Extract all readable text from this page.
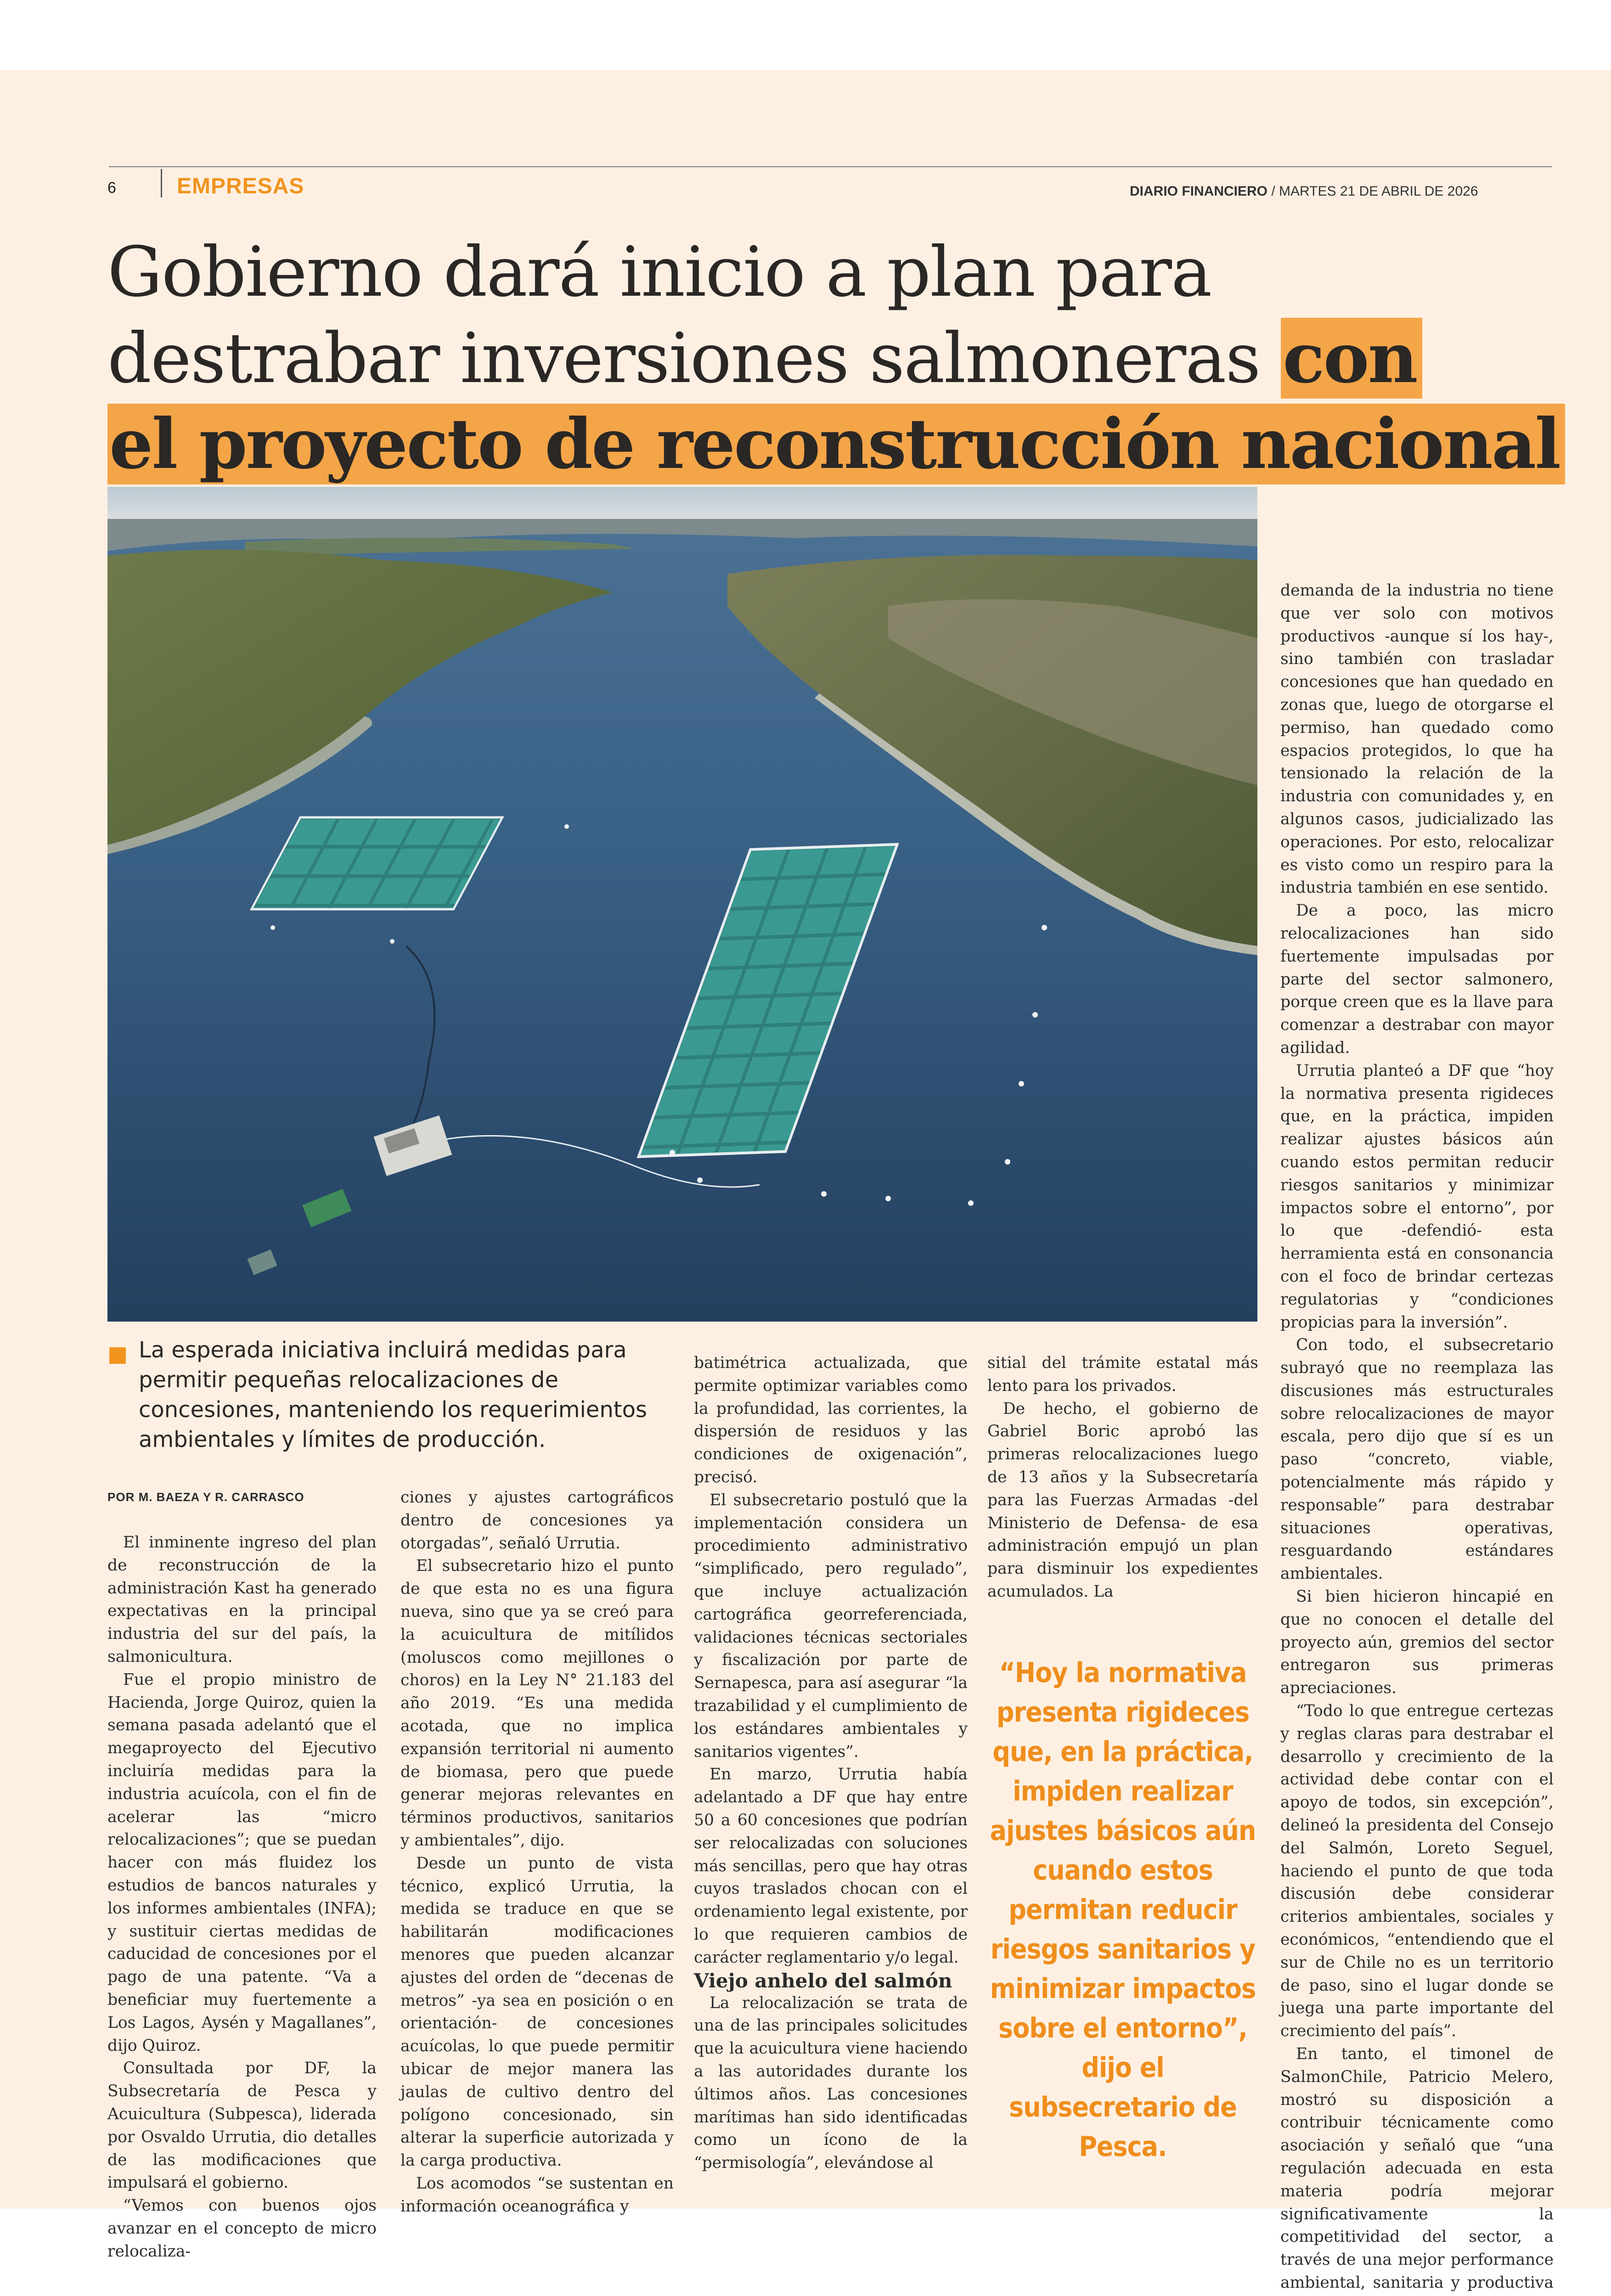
6	EMPRESAS	DIARIO FINANCIERO / MARTES 21 DE ABRIL DE 2026
Gobierno dará inicio a plan para
destrabar inversiones salmoneras con
el proyecto de reconstrucción nacional
La esperada iniciativa incluirá medidas para permitir pequeñas relocalizaciones de concesiones, manteniendo los requerimientos ambientales y límites de producción.
POR M. BAEZA Y R. CARRASCO

El inminente ingreso del plan de reconstrucción de la administración Kast ha generado expectativas en la principal industria del sur del país, la salmonicultura.

Fue el propio ministro de Hacienda, Jorge Quiroz, quien la semana pasada adelantó que el megaproyecto del Ejecutivo incluiría medidas para la industria acuícola, con el fin de acelerar las “micro relocalizaciones”; que se puedan hacer con más fluidez los estudios de bancos naturales y los informes ambientales (INFA); y sustituir ciertas medidas de caducidad de concesiones por el pago de una patente. “Va a beneficiar muy fuertemente a Los Lagos, Aysén y Magallanes”, dijo Quiroz.

Consultada por DF, la Subsecretaría de Pesca y Acuicultura (Subpesca), liderada por Osvaldo Urrutia, dio detalles de las modificaciones que impulsará el gobierno.

“Vemos con buenos ojos avanzar en el concepto de micro relocaliza-

ciones y ajustes cartográficos dentro de concesiones ya otorgadas”, señaló Urrutia.

El subsecretario hizo el punto de que esta no es una figura nueva, sino que ya se creó para la acuicultura de mitílidos (moluscos como mejillones o choros) en la Ley N° 21.183 del año 2019. “Es una medida acotada, que no implica expansión territorial ni aumento de biomasa, pero que puede generar mejoras relevantes en términos productivos, sanitarios y ambientales”, dijo.

Desde un punto de vista técnico, explicó Urrutia, la medida se traduce en que se habilitarán modificaciones menores que pueden alcanzar ajustes del orden de “decenas de metros” -ya sea en posición o en orientación- de concesiones acuícolas, lo que puede permitir ubicar de mejor manera las jaulas de cultivo dentro del polígono concesionado, sin alterar la superficie autorizada y la carga productiva.

Los acomodos “se sustentan en información oceanográfica y

batimétrica actualizada, que permite optimizar variables como la profundidad, las corrientes, la dispersión de residuos y las condiciones de oxigenación”, precisó.

El subsecretario postuló que la implementación considera un procedimiento administrativo “simplificado, pero regulado”, que incluye actualización cartográfica georreferenciada, validaciones técnicas sectoriales y fiscalización por parte de Sernapesca, para así asegurar “la trazabilidad y el cumplimiento de los estándares ambientales y sanitarios vigentes”.

En marzo, Urrutia había adelantado a DF que hay entre 50 a 60 concesiones que podrían ser relocalizadas con soluciones más sencillas, pero que hay otras cuyos traslados chocan con el ordenamiento legal existente, por lo que requieren cambios de carácter reglamentario y/o legal.

Viejo anhelo del salmón

La relocalización se trata de una de las principales solicitudes que la acuicultura viene haciendo a las autoridades durante los últimos años. Las concesiones marítimas han sido identificadas como un ícono de la “permisología”, elevándose al

sitial del trámite estatal más lento para los privados.

De hecho, el gobierno de Gabriel Boric aprobó las primeras relocalizaciones luego de 13 años y la Subsecretaría para las Fuerzas Armadas -del Ministerio de Defensa- de esa administración empujó un plan para disminuir los expedientes acumulados. La

“Hoy la normativa presenta rigideces que, en la práctica, impiden realizar ajustes básicos aún cuando estos permitan reducir riesgos sanitarios y minimizar impactos sobre el entorno”, dijo el subsecretario de Pesca.

demanda de la industria no tiene que ver solo con motivos productivos -aunque sí los hay-, sino también con trasladar concesiones que han quedado en zonas que, luego de otorgarse el permiso, han quedado como espacios protegidos, lo que ha tensionado la relación de la industria con comunidades y, en algunos casos, judicializado las operaciones. Por esto, relocalizar es visto como un respiro para la industria también en ese sentido.

De a poco, las micro relocalizaciones han sido fuertemente impulsadas por parte del sector salmonero, porque creen que es la llave para comenzar a destrabar con mayor agilidad.

Urrutia planteó a DF que “hoy la normativa presenta rigideces que, en la práctica, impiden realizar ajustes básicos aún cuando estos permitan reducir riesgos sanitarios y minimizar impactos sobre el entorno”, por lo que -defendió- esta herramienta está en consonancia con el foco de brindar certezas regulatorias y “condiciones propicias para la inversión”.

Con todo, el subsecretario subrayó que no reemplaza las discusiones más estructurales sobre relocalizaciones de mayor escala, pero dijo que sí es un paso “concreto, viable, potencialmente más rápido y responsable” para destrabar situaciones operativas, resguardando estándares ambientales.

Si bien hicieron hincapié en que no conocen el detalle del proyecto aún, gremios del sector entregaron sus primeras apreciaciones.

“Todo lo que entregue certezas y reglas claras para destrabar el desarrollo y crecimiento de la actividad debe contar con el apoyo de todos, sin excepción”, delineó la presidenta del Consejo del Salmón, Loreto Seguel, haciendo el punto de que toda discusión debe considerar criterios ambientales, sociales y económicos, “entendiendo que el sur de Chile no es un territorio de paso, sino el lugar donde se juega una parte importante del crecimiento del país”.

En tanto, el timonel de SalmonChile, Patricio Melero, mostró su disposición a contribuir técnicamente como asociación y señaló que “una regulación adecuada en esta materia podría mejorar significativamente la competitividad del sector, a través de una mejor performance ambiental, sanitaria y productiva
